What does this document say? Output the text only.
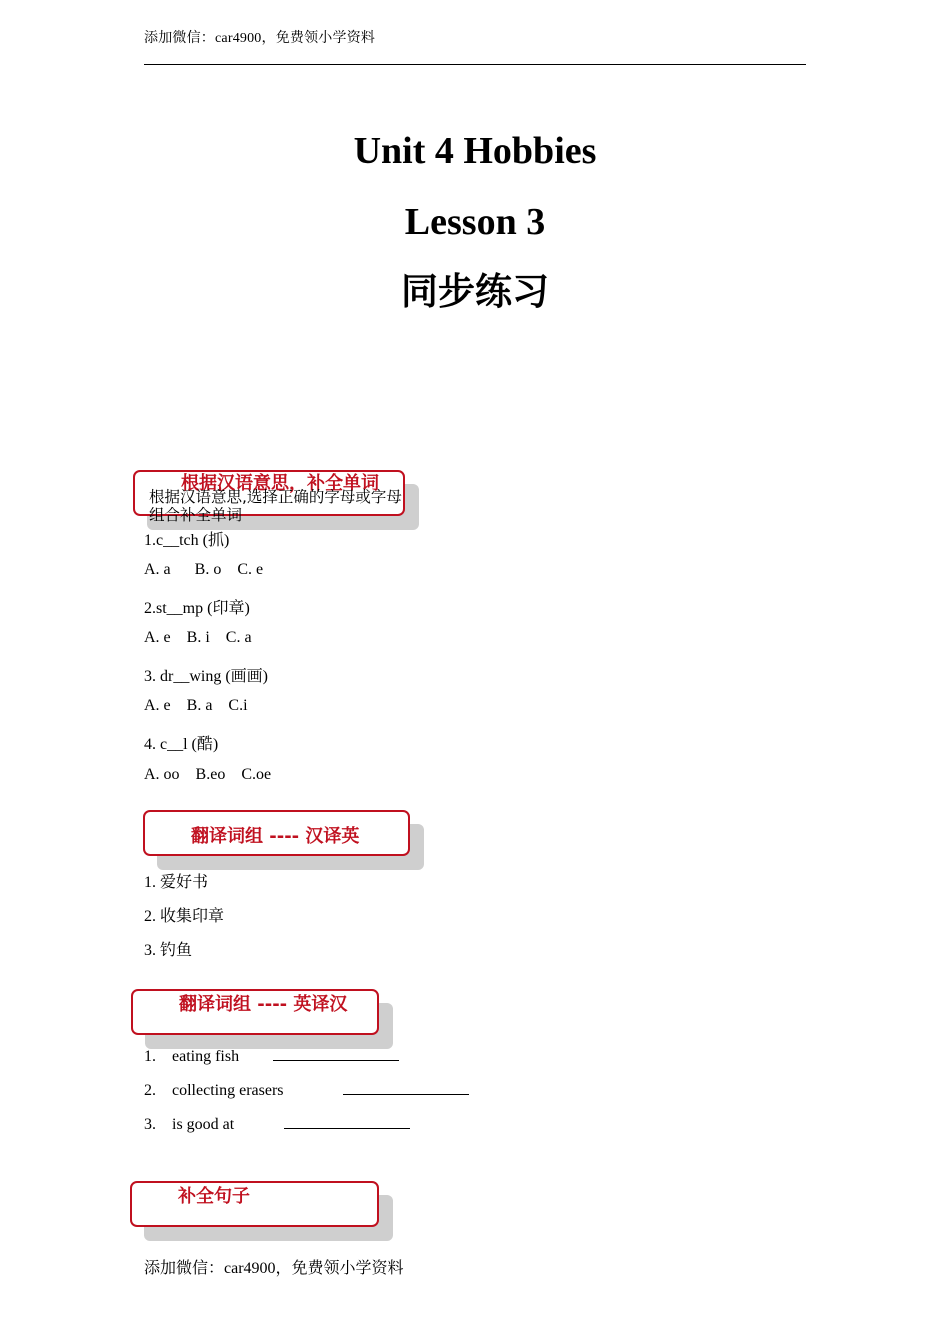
添加微信：car4900，免费领小学资料
Unit 4 Hobbies
Lesson 3
同步练习
根据汉语意思，补全单词
根据汉语意思,选择正确的字母或字母组合补全单词
1.c__tch (抓)
A. a      B. o    C. e
2.st__mp (印章)
A. e    B. i    C. a
3. dr__wing (画画)
A. e    B. a    C.i
4. c__l (酷)
A. oo    B.eo    C.oe
翻译词组 ---- 汉译英
1. 爱好书
2. 收集印章
3. 钓鱼
翻译词组 ---- 英译汉
1. eating fish
2. collecting erasers
3. is good at
补全句子
添加微信：car4900，免费领小学资料
